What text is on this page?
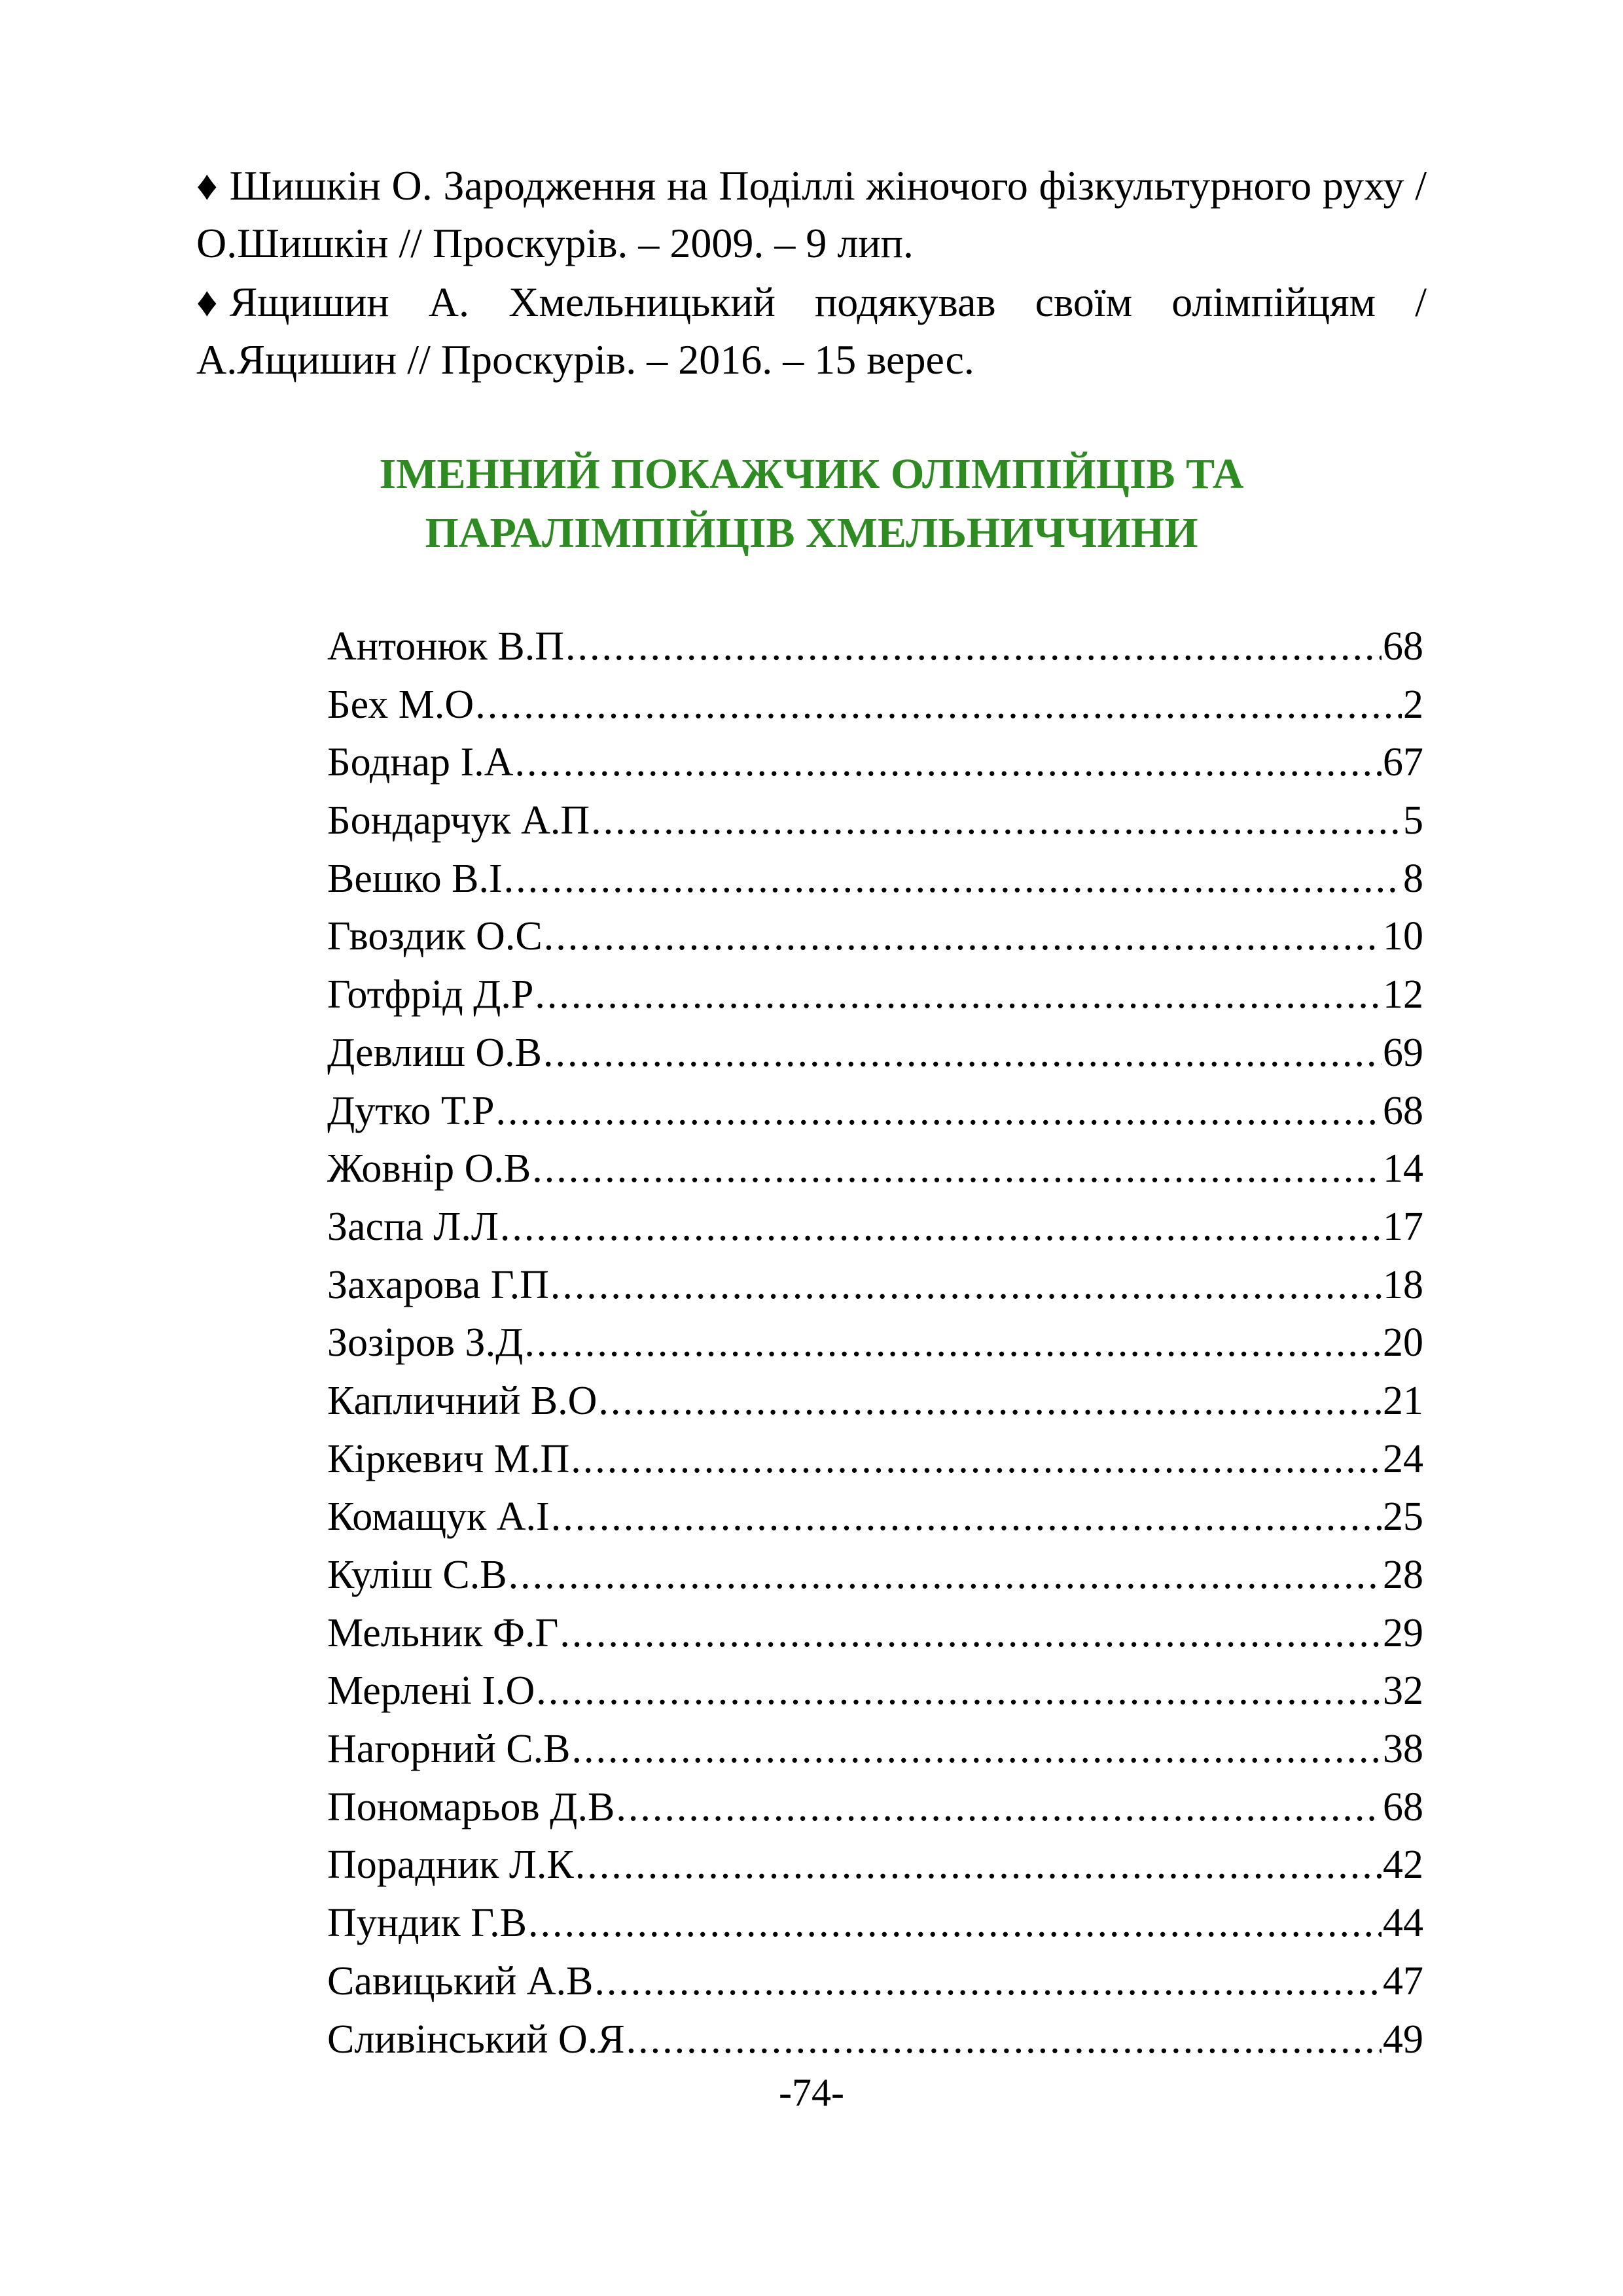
♦ Шишкін О. Зародження на Поділлі жіночого фізкультурного руху / О.Шишкін // Проскурів. – 2009. – 9 лип.

♦ Ящишин А. Хмельницький подякував своїм олімпійцям / А.Ящишин // Проскурів. – 2016. – 15 верес.

ІМЕННИЙ ПОКАЖЧИК ОЛІМПІЙЦІВ ТА
ПАРАЛІМПІЙЦІВ ХМЕЛЬНИЧЧИНИ
Антонюк В.П .....	68
Бех М.О .....	2
Боднар І.А .....	67
Бондарчук А.П .....	5
Вешко В.І .....	8
Гвоздик О.С .....	10
Готфрід Д.Р .....	12
Девлиш О.В .....	69
Дутко Т.Р .....	68
Жовнір О.В .....	14
Заспа Л.Л .....	17
Захарова Г.П .....	18
Зозіров З.Д .....	20
Капличний В.О .....	21
Кіркевич М.П .....	24
Комащук А.І .....	25
Куліш С.В .....	28
Мельник Ф.Г .....	29
Мерлені І.О .....	32
Нагорний С.В .....	38
Пономарьов Д.В .....	68
Порадник Л.К .....	42
Пундик Г.В .....	44
Савицький А.В .....	47
Сливінський О.Я .....	49
-74-
